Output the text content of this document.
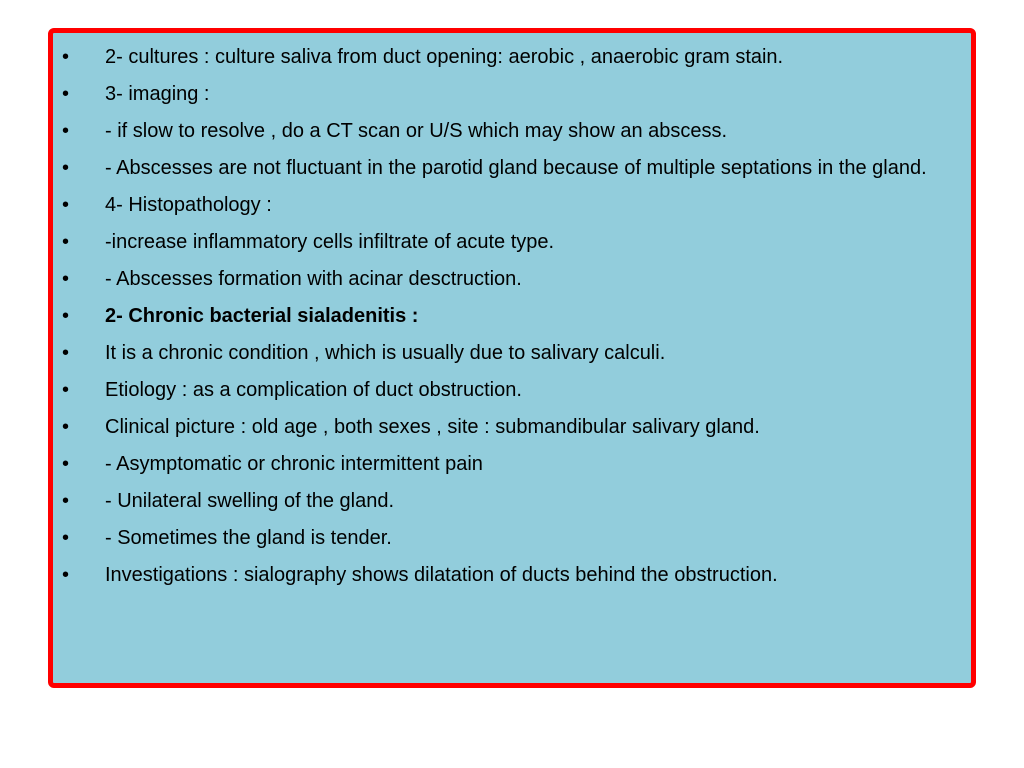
•	2- cultures : culture saliva from duct opening: aerobic , anaerobic gram stain.
•	3- imaging :
•	- if slow to resolve , do a CT scan or U/S which may show an abscess.
•	- Abscesses are not fluctuant in the parotid gland because of multiple septations in the gland.
•	4- Histopathology :
•	-increase inflammatory cells infiltrate of acute type.
•	- Abscesses formation with acinar desctruction.
•	2- Chronic bacterial sialadenitis :
•	It is a chronic condition , which is usually due to salivary calculi.
•	Etiology : as a complication of duct obstruction.
•	Clinical picture : old age , both sexes , site : submandibular salivary gland.
•	- Asymptomatic or chronic intermittent pain
•	- Unilateral swelling of the gland.
•	- Sometimes the gland is tender.
•	Investigations : sialography shows dilatation of ducts behind the obstruction.
